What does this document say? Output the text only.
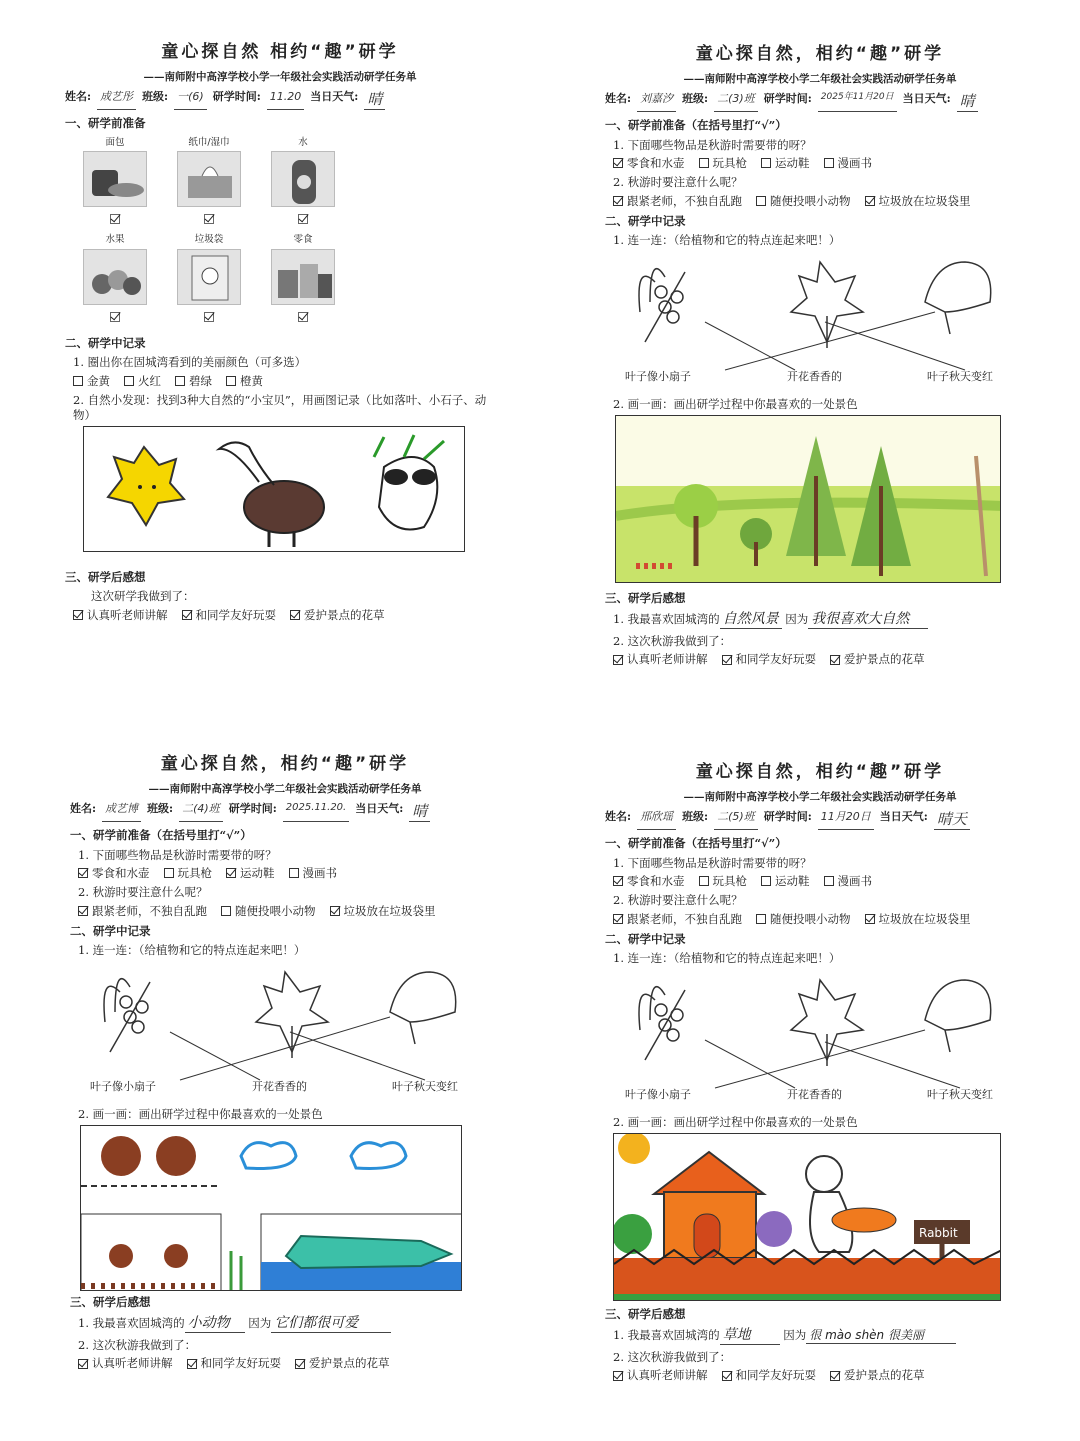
童心探自然 相约“趣”研学
——南师附中高淳学校小学一年级社会实践活动研学任务单
姓名: 成艺彤 班级: 一(6) 研学时间: 11.20 当日天气: 晴
一、研学前准备
面包	纸巾/湿巾	水
水果	垃圾袋	零食
二、研学中记录
1. 圈出你在固城湾看到的美丽颜色（可多选）
金黄 火红 碧绿 橙黄
2. 自然小发现：找到3种大自然的“小宝贝”，用画图记录（比如落叶、小石子、动物）
三、研学后感想
这次研学我做到了：
认真听老师讲解 和同学友好玩耍 爱护景点的花草
童心探自然，相约“趣”研学
——南师附中高淳学校小学二年级社会实践活动研学任务单
姓名: 刘嘉汐 班级: 二(3)班 研学时间:	2025年11月20日 当日天气: 晴
一、研学前准备（在括号里打“√”）
1. 下面哪些物品是秋游时需要带的呀？
零食和水壶 玩具枪 运动鞋 漫画书
2. 秋游时要注意什么呢？
跟紧老师，不独自乱跑 随便投喂小动物 垃圾放在垃圾袋里
二、研学中记录
1. 连一连：（给植物和它的特点连起来吧！）
叶子像小扇子	开花香香的	叶子秋天变红
2. 画一画：画出研学过程中你最喜欢的一处景色
三、研学后感想
1. 我最喜欢固城湾的 自然风景 因为 我很喜欢大自然
2. 这次秋游我做到了：
认真听老师讲解 和同学友好玩耍 爱护景点的花草
童心探自然，相约“趣”研学
——南师附中高淳学校小学二年级社会实践活动研学任务单
姓名: 成艺博 班级: 二(4)班 研学时间: 2025.11.20. 当日天气: 晴
一、研学前准备（在括号里打“√”）
1. 下面哪些物品是秋游时需要带的呀？
零食和水壶 玩具枪 运动鞋 漫画书
2. 秋游时要注意什么呢？
跟紧老师，不独自乱跑 随便投喂小动物 垃圾放在垃圾袋里
二、研学中记录
1. 连一连：（给植物和它的特点连起来吧！）
叶子像小扇子	开花香香的	叶子秋天变红
2. 画一画：画出研学过程中你最喜欢的一处景色
三、研学后感想
1. 我最喜欢固城湾的 小动物 因为 它们都很可爱
2. 这次秋游我做到了：
认真听老师讲解 和同学友好玩耍 爱护景点的花草
童心探自然，相约“趣”研学
——南师附中高淳学校小学二年级社会实践活动研学任务单
姓名: 邢欣瑶 班级: 二(5)班 研学时间: 11月20日 当日天气: 晴天
一、研学前准备（在括号里打“√”）
1. 下面哪些物品是秋游时需要带的呀？
零食和水壶 玩具枪 运动鞋 漫画书
2. 秋游时要注意什么呢？
跟紧老师，不独自乱跑 随便投喂小动物 垃圾放在垃圾袋里
二、研学中记录
1. 连一连：（给植物和它的特点连起来吧！）
叶子像小扇子	开花香香的	叶子秋天变红
2. 画一画：画出研学过程中你最喜欢的一处景色
Rabbit
三、研学后感想
1. 我最喜欢固城湾的 草地	因为 很 mào shèn 很美丽
2. 这次秋游我做到了：
认真听老师讲解 和同学友好玩耍 爱护景点的花草
